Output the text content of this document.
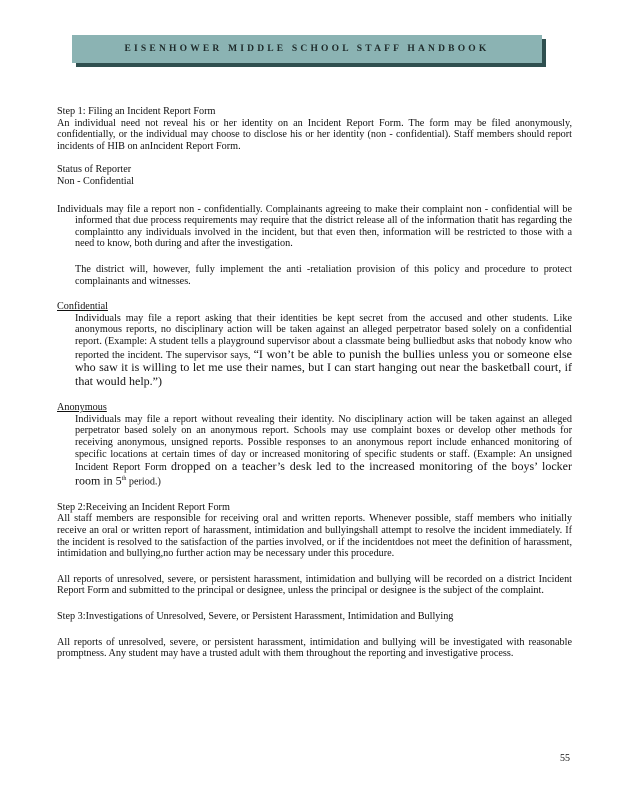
EISENHOWER MIDDLE SCHOOL STAFF HANDBOOK

Step 1: Filing an Incident Report Form

An individual need not reveal his or her identity on an Incident Report Form. The form may be filed anonymously, confidentially, or the individual may choose to disclose his or her identity (non - confidential). Staff members should report incidents of HIB on anIncident Report Form.

Status of Reporter

Non - Confidential

Individuals may file a report non - confidentially. Complainants agreeing to make their complaint non - confidential will be informed that due process requirements may require that the district release all of the information thatit has regarding the complaintto any individuals involved in the incident, but that even then, information will be restricted to those with a need to know, both during and after the investigation.

The district will, however, fully implement the anti -retaliation provision of this policy and procedure to protect complainants and witnesses.

Confidential

Individuals may file a report asking that their identities be kept secret from the accused and other students. Like anonymous reports, no disciplinary action will be taken against an alleged perpetrator based solely on a confidential report. (Example: A student tells a playground supervisor about a classmate being bulliedbut asks that nobody know who reported the incident. The supervisor says, “I won’t be able to punish the bullies unless you or someone else who saw it is willing to let me use their names, but I can start hanging out near the basketball court, if that would help.”)

Anonymous

Individuals may file a report without revealing their identity. No disciplinary action will be taken against an alleged perpetrator based solely on an anonymous report. Schools may use complaint boxes or develop other methods for receiving anonymous, unsigned reports. Possible responses to an anonymous report include enhanced monitoring of specific locations at certain times of day or increased monitoring of specific students or staff. (Example: An unsigned Incident Report Form dropped on a teacher’s desk led to the increased monitoring of the boys’ locker room in 5th period.)

Step 2:Receiving an Incident Report Form

All staff members are responsible for receiving oral and written reports. Whenever possible, staff members who initially receive an oral or written report of harassment, intimidation and bullyingshall attempt to resolve the incident immediately. If the incident is resolved to the satisfaction of the parties involved, or if the incidentdoes not meet the definition of harassment, intimidation and bullying,no further action may be necessary under this procedure.

All reports of unresolved, severe, or persistent harassment, intimidation and bullying will be recorded on a district Incident Report Form and submitted to the principal or designee, unless the principal or designee is the subject of the complaint.

Step 3:Investigations of Unresolved, Severe, or Persistent Harassment, Intimidation and Bullying

All reports of unresolved, severe, or persistent harassment, intimidation and bullying will be investigated with reasonable promptness. Any student may have a trusted adult with them throughout the reporting and investigative process.

55
